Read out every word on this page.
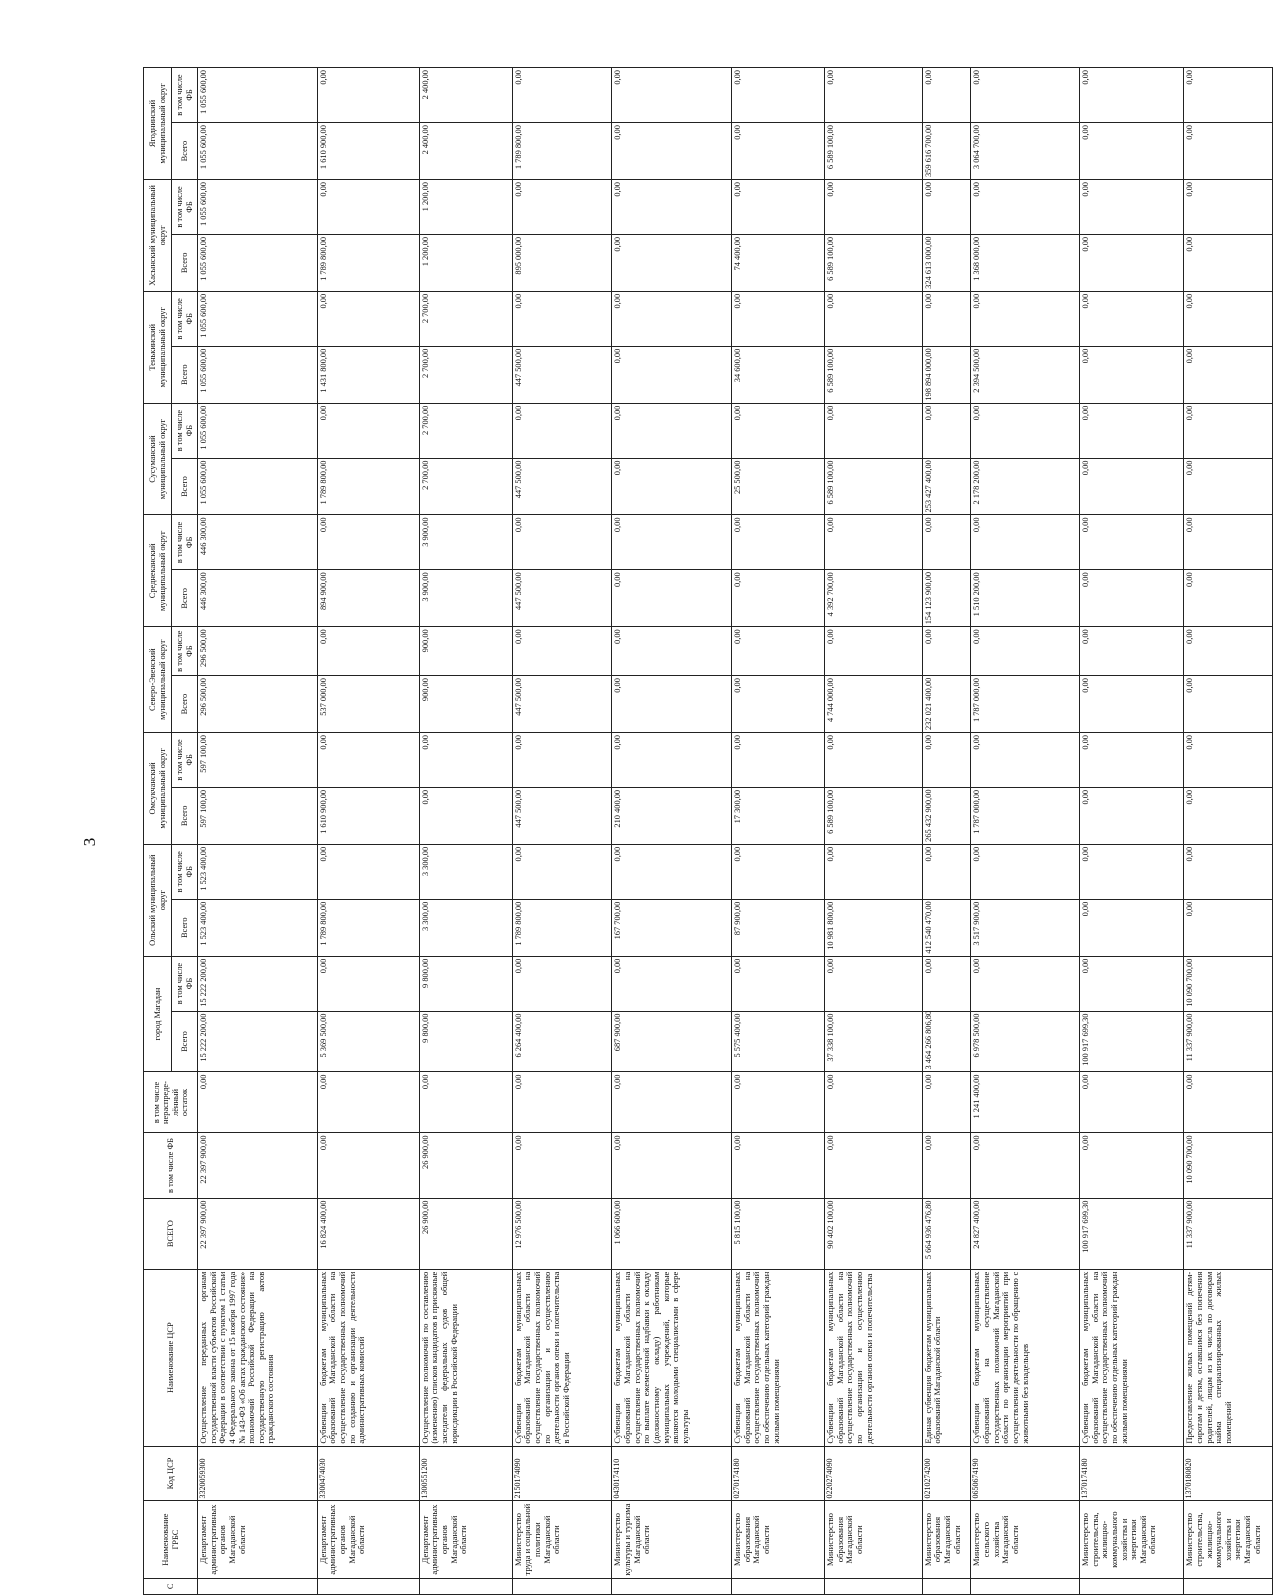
3
С	Наименование ГРБС	Код ЦСР	Наименование ЦСР	ВСЕГО	в том числе ФБ	в том числе нераспреде-лённый остаток	город Магадан		Ольский муниципальный округ		Омсукчанский муниципальный округ		Северо-Эвенский муниципальный округ		Среднеканский муниципальный округ		Сусуманский муниципальный округ		Тенькинский муниципальный округ		Хасынский муниципальный округ		Ягоднинский муниципальный округ	
							Всего	в том числе ФБ	Всего	в том числе ФБ	Всего	в том числе ФБ	Всего	в том числе ФБ	Всего	в том числе ФБ	Всего	в том числе ФБ	Всего	в том числе ФБ	Всего	в том числе ФБ	Всего	в том числе ФБ
	Департамент административных органов Магаданской области	3320059300	Осуществление переданных органам государственной власти субъектов Российской Федерации в соответствии с пунктом 1 статьи 4 Федерального закона от 15 ноября 1997 года № 143-ФЗ «Об актах гражданского состояния» полномочий Российской Федерации на государственную регистрацию актов гражданского состояния	22 397 900,00	22 397 900,00	0,00	15 222 200,00	15 222 200,00	1 523 400,00	1 523 400,00	597 100,00	597 100,00	296 500,00	296 500,00	446 300,00	446 300,00	1 055 600,00	1 055 600,00	1 055 600,00	1 055 600,00	1 055 600,00	1 055 600,00	1 055 600,00	1 055 600,00
	Департамент административных органов Магаданской области	3300474030	Субвенции бюджетам муниципальных образований Магаданской области на осуществление государственных полномочий по созданию и организации деятельности административных комиссий	16 824 400,00	0,00	0,00	5 369 500,00	0,00	1 789 800,00	0,00	1 610 900,00	0,00	537 000,00	0,00	894 900,00	0,00	1 789 800,00	0,00	1 431 800,00	0,00	1 789 800,00	0,00	1 610 900,00	0,00
	Департамент административных органов Магаданской области	1300551200	Осуществление полномочий по составлению (изменению) списков кандидатов в присяжные заседатели федеральных судов общей юрисдикции в Российской Федерации	26 900,00	26 900,00	0,00	9 800,00	9 800,00	3 300,00	3 300,00	0,00	0,00	900,00	900,00	3 900,00	3 900,00	2 700,00	2 700,00	2 700,00	2 700,00	1 200,00	1 200,00	2 400,00	2 400,00
	Министерство труда и социальной политики Магаданской области	2150174090	Субвенции бюджетам муниципальных образований Магаданской области на осуществление государственных полномочий по организации и осуществлению деятельности органов опеки и попечительства в Российской Федерации	12 976 500,00	0,00	0,00	6 264 400,00	0,00	1 789 800,00	0,00	447 500,00	0,00	447 500,00	0,00	447 500,00	0,00	447 500,00	0,00	447 500,00	0,00	895 000,00	0,00	1 789 800,00	0,00
	Министерство культуры и туризма Магаданской области	0430174110	Субвенции бюджетам муниципальных образований Магаданской области на осуществление государственных полномочий по выплате ежемесячной надбавки к окладу (должностному окладу) работникам муниципальных учреждений, которые являются молодыми специалистами в сфере культуры	1 066 600,00	0,00	0,00	687 900,00	0,00	167 700,00	0,00	210 400,00	0,00	0,00	0,00	0,00	0,00	0,00	0,00	0,00	0,00	0,00	0,00	0,00	0,00
	Министерство образования Магаданской области	0270174180	Субвенции бюджетам муниципальных образований Магаданской области на осуществление государственных полномочий по обеспечению отдельных категорий граждан жилыми помещениями	5 815 100,00	0,00	0,00	5 575 400,00	0,00	87 900,00	0,00	17 300,00	0,00	0,00	0,00	0,00	0,00	25 500,00	0,00	34 600,00	0,00	74 400,00	0,00	0,00	0,00
	Министерство образования Магаданской области	0220274090	Субвенции бюджетам муниципальных образований Магаданской области на осуществление государственных полномочий по организации и осуществлению деятельности органов опеки и попечительства	90 402 100,00	0,00	0,00	37 338 100,00	0,00	10 981 800,00	0,00	6 589 100,00	0,00	4 744 000,00	0,00	4 392 700,00	0,00	6 589 100,00	0,00	6 589 100,00	0,00	6 589 100,00	0,00	6 589 100,00	0,00
	Министерство образования Магаданской области	0210274200	Единая субвенция бюджетам муниципальных образований Магаданской области	5 664 936 476,80	0,00	0,00	3 464 266 806,80	0,00	412 540 470,00	0,00	265 432 900,00	0,00	232 021 400,00	0,00	154 123 900,00	0,00	253 427 400,00	0,00	198 894 000,00	0,00	324 613 000,00	0,00	359 616 700,00	0,00
	Министерство сельского хозяйства Магаданской области	0650674190	Субвенции бюджетам муниципальных образований на осуществление государственных полномочий Магаданской области по организации мероприятий при осуществлении деятельности по обращению с животными без владельцев	24 827 400,00	0,00	1 241 400,00	6 978 500,00	0,00	3 517 900,00	0,00	1 787 000,00	0,00	1 787 000,00	0,00	1 510 200,00	0,00	2 178 200,00	0,00	2 394 500,00	0,00	1 368 000,00	0,00	3 064 700,00	0,00
	Министерство строительства, жилищно-коммунального хозяйства и энергетики Магаданской области	1370174180	Субвенции бюджетам муниципальных образований Магаданской области на осуществление государственных полномочий по обеспечению отдельных категорий граждан жилыми помещениями	100 917 699,30	0,00	0,00	100 917 699,30	0,00	0,00	0,00	0,00	0,00	0,00	0,00	0,00	0,00	0,00	0,00	0,00	0,00	0,00	0,00	0,00	0,00
	Министерство строительства, жилищно-коммунального хозяйства и энергетики Магаданской области	1370180820	Предоставление жилых помещений детям-сиротам и детям, оставшимся без попечения родителей, лицам из их числа по договорам найма специализированных жилых помещений	11 337 900,00	10 090 700,00	0,00	11 337 900,00	10 090 700,00	0,00	0,00	0,00	0,00	0,00	0,00	0,00	0,00	0,00	0,00	0,00	0,00	0,00	0,00	0,00	0,00
